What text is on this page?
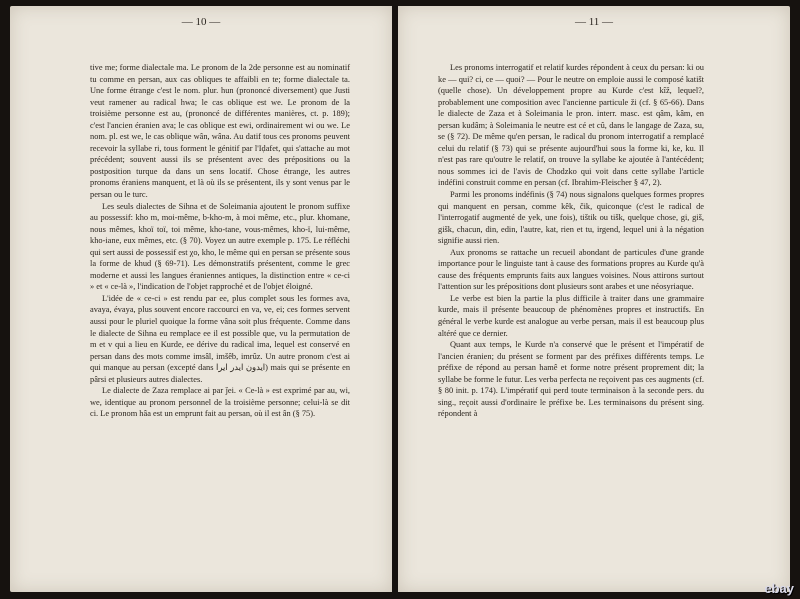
— 10 —

tive me; forme dialectale ma. Le pronom de la 2de personne est au nominatif tu comme en persan, aux cas obliques te affaibli en te; forme dialectale ta. Une forme étrange c'est le nom. plur. hun (prononcé diversement) que Justi veut ramener au radical hwa; le cas oblique est we. Le pronom de la troisième personne est au, (prononcé de différentes manières, ct. p. 189); c'est l'ancien éranien ava; le cas oblique est ewi, ordinairement wi ou we. Le nom. pl. est we, le cas oblique wân, wâna. Au datif tous ces pronoms peuvent recevoir la syllabe ri, tous forment le génitif par l'Iḍafet, qui s'attache au mot précédent; souvent aussi ils se présentent avec des prépositions ou la postposition turque da dans un sens locatif. Chose étrange, les autres pronoms éraniens manquent, et là où ils se présentent, ils y sont venus par le persan ou le turc.

Les seuls dialectes de Sihna et de Soleimania ajoutent le pronom suffixe au possessif: kho m, moi-même, b-kho-m, à moi même, etc., plur. khomane, nous mêmes, khoï toï, toi même, kho-tane, vous-mêmes, kho-ï, lui-même, kho-iane, eux mêmes, etc. (§ 70). Voyez un autre exemple p. 175. Le réfléchi qui sert aussi de possessif est χo, kho, le même qui en persan se présente sous la forme de khud (§ 69-71). Les démonstratifs présentent, comme le grec moderne et aussi les langues éraniennes antiques, la distinction entre « ce-ci » et « ce-là », l'indication de l'objet rapproché et de l'objet éloigné.

L'idée de « ce-ci » est rendu par ee, plus complet sous les formes ava, avaya, évaya, plus souvent encore raccourci en va, ve, ei; ces formes servent aussi pour le pluriel quoique la forme vâna soit plus fréquente. Comme dans le dialecte de Sihna eu remplace ee il est possible que, vu la permutation de m et v qui a lieu en Kurde, ee dérive du radical ima, lequel est conservé en persan dans des mots comme imsâl, imšêb, imrûz. Un autre pronom c'est ai qui manque au persan (excepté dans ایدون ایدر ایرا) mais qui se présente en pârsi et plusieurs autres dialectes.

Le dialecte de Zaza remplace ai par ǰei. « Ce-là » est exprimé par au, wi, we, identique au pronom personnel de la troisième personne; celui-là se dit ci. Le pronom hâa est un emprunt fait au persan, où il est ân (§ 75).

— 11 —

Les pronoms interrogatif et relatif kurdes répondent à ceux du persan: ki ou ke — qui? ci, ce — quoi? — Pour le neutre on emploie aussi le composé katišt (quelle chose). Un développement propre au Kurde c'est kîž, lequel?, probablement une composition avec l'ancienne particule ži (cf. § 65-66). Dans le dialecte de Zaza et à Soleimania le pron. interr. masc. est qâm, kâm, en persan kudâm; à Soleimania le neutre est cé et cû, dans le langage de Zaza, su, se (§ 72). De même qu'en persan, le radical du pronom interrogatif a remplacé celui du relatif (§ 73) qui se présente aujourd'hui sous la forme ki, ke, ku. Il n'est pas rare qu'outre le relatif, on trouve la syllabe ke ajoutée à l'antécédent; nous sommes ici de l'avis de Chodzko qui voit dans cette syllabe l'article indéfini construit comme en persan (cf. Ibrahim-Fleischer § 47, 2).

Parmi les pronoms indéfinis (§ 74) nous signalons quelques formes propres qui manquent en persan, comme kêk, čik, quiconque (c'est le radical de l'interrogatif augmenté de yek, une fois), tištik ou tišk, quelque chose, gi, giš, gišk, chacun, din, edin, l'autre, kat, rien et tu, irgend, lequel uni à la négation signifie aussi rien.

Aux pronoms se rattache un recueil abondant de particules d'une grande importance pour le linguiste tant à cause des formations propres au Kurde qu'à cause des fréquents emprunts faits aux langues voisines. Nous attirons surtout l'attention sur les prépositions dont plusieurs sont arabes et une néosyriaque.

Le verbe est bien la partie la plus difficile à traiter dans une grammaire kurde, mais il présente beaucoup de phénomènes propres et instructifs. En général le verbe kurde est analogue au verbe persan, mais il est beaucoup plus altéré que ce dernier.

Quant aux temps, le Kurde n'a conservé que le présent et l'impératif de l'ancien éranien; du présent se forment par des préfixes différents temps. Le préfixe de répond au persan hamê et forme notre présent proprement dit; la syllabe be forme le futur. Les verba perfecta ne reçoivent pas ces augments (cf. § 80 init. p. 174). L'impératif qui perd toute terminaison à la seconde pers. du sing., reçoit aussi d'ordinaire le préfixe be. Les terminaisons du présent sing. répondent à

ebay
